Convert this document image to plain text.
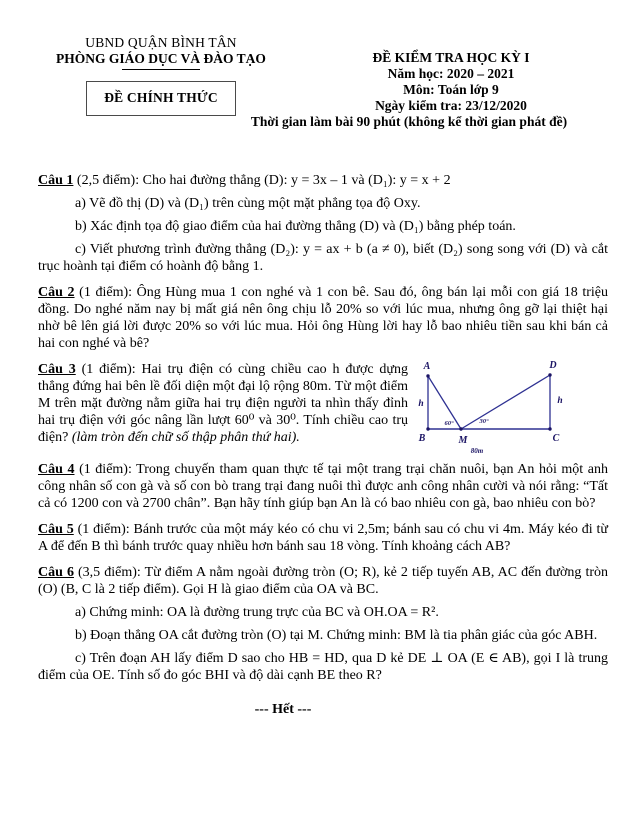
UBND QUẬN BÌNH TÂN
PHÒNG GIÁO DỤC VÀ ĐÀO TẠO
ĐỀ CHÍNH THỨC
ĐỀ KIỂM TRA HỌC KỲ I
Năm học: 2020 – 2021
Môn: Toán lớp 9
Ngày kiểm tra: 23/12/2020
Thời gian làm bài 90 phút (không kể thời gian phát đề)
Câu 1 (2,5 điểm): Cho hai đường thẳng (D): y = 3x – 1 và (D₁): y = x + 2
a) Vẽ đồ thị (D) và (D₁) trên cùng một mặt phẳng tọa độ Oxy.
b) Xác định tọa độ giao điểm của hai đường thẳng (D) và (D₁) bằng phép toán.
c) Viết phương trình đường thẳng (D₂): y = ax + b (a ≠ 0), biết (D₂) song song với (D) và cắt trục hoành tại điểm có hoành độ bằng 1.
Câu 2 (1 điểm): Ông Hùng mua 1 con nghé và 1 con bê. Sau đó, ông bán lại mỗi con giá 18 triệu đồng. Do nghé năm nay bị mất giá nên ông chịu lỗ 20% so với lúc mua, nhưng ông gỡ lại thiệt hại nhờ bê lên giá lời được 20% so với lúc mua. Hỏi ông Hùng lời hay lỗ bao nhiêu tiền sau khi bán cả hai con nghé và bê?
A	D
B	C
M
h	h
60°	30°
80m
Câu 3 (1 điểm): Hai trụ điện có cùng chiều cao h được dựng thẳng đứng hai bên lề đối diện một đại lộ rộng 80m. Từ một điểm M trên mặt đường nằm giữa hai trụ điện người ta nhìn thấy đỉnh hai trụ điện với góc nâng lần lượt 60⁰ và 30⁰. Tính chiều cao trụ điện? (làm tròn đến chữ số thập phân thứ hai).
Câu 4 (1 điểm): Trong chuyến tham quan thực tế tại một trang trại chăn nuôi, bạn An hỏi một anh công nhân số con gà và số con bò trang trại đang nuôi thì được anh công nhân cười và nói rằng: “Tất cả có 1200 con và 2700 chân”. Bạn hãy tính giúp bạn An là có bao nhiêu con gà, bao nhiêu con bò?
Câu 5 (1 điểm): Bánh trước của một máy kéo có chu vi 2,5m; bánh sau có chu vi 4m. Máy kéo đi từ A để đến B thì bánh trước quay nhiều hơn bánh sau 18 vòng. Tính khoảng cách AB?
Câu 6 (3,5 điểm): Từ điểm A nằm ngoài đường tròn (O; R), kẻ 2 tiếp tuyến AB, AC đến đường tròn (O) (B, C là 2 tiếp điểm). Gọi H là giao điểm của OA và BC.
a) Chứng minh: OA là đường trung trực của BC và OH.OA = R².
b) Đoạn thẳng OA cắt đường tròn (O) tại M. Chứng minh: BM là tia phân giác của góc ABH.
c) Trên đoạn AH lấy điểm D sao cho HB = HD, qua D kẻ DE ⊥ OA (E ∈ AB), gọi I là trung điểm của OE. Tính số đo góc BHI và độ dài cạnh BE theo R?
--- Hết ---
